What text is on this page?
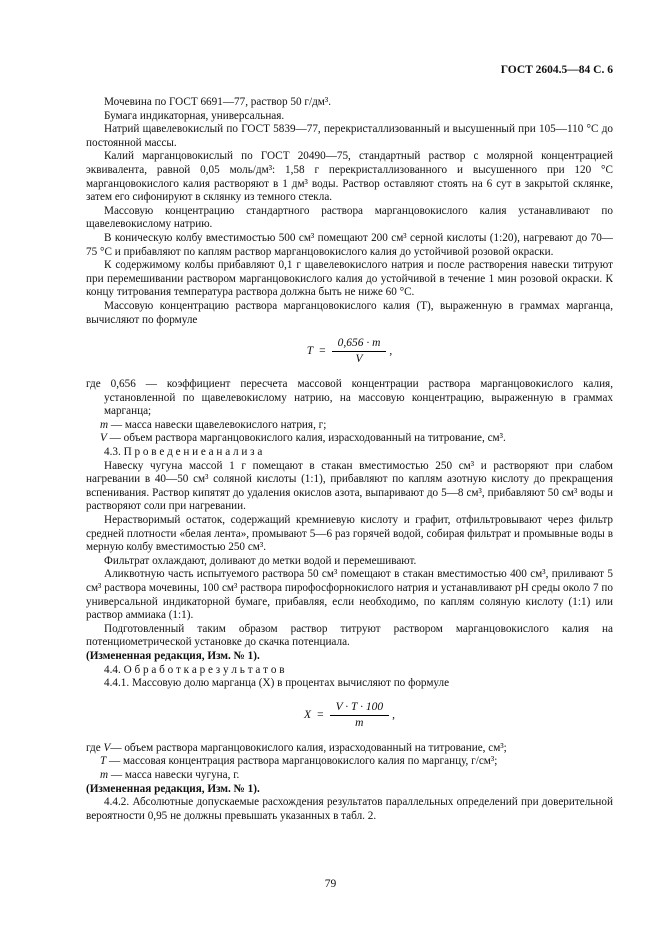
ГОСТ 2604.5—84 С. 6

Мочевина по ГОСТ 6691—77, раствор 50 г/дм³.

Бумага индикаторная, универсальная.

Натрий щавелевокислый по ГОСТ 5839—77, перекристаллизованный и высушенный при 105—110 °С до постоянной массы.

Калий марганцовокислый по ГОСТ 20490—75, стандартный раствор с молярной концентрацией эквивалента, равной 0,05 моль/дм³: 1,58 г перекристаллизованного и высушенного при 120 °С марганцовокислого калия растворяют в 1 дм³ воды. Раствор оставляют стоять на 6 сут в закрытой склянке, затем его сифонируют в склянку из темного стекла.

Массовую концентрацию стандартного раствора марганцовокислого калия устанавливают по щавелевокислому натрию.

В коническую колбу вместимостью 500 см³ помещают 200 см³ серной кислоты (1:20), нагревают до 70—75 °С и прибавляют по каплям раствор марганцовокислого калия до устойчивой розовой окраски.

К содержимому колбы прибавляют 0,1 г щавелевокислого натрия и после растворения навески титруют при перемешивании раствором марганцовокислого калия до устойчивой в течение 1 мин розовой окраски. К концу титрования температура раствора должна быть не ниже 60 °С.

Массовую концентрацию раствора марганцовокислого калия (Т), выраженную в граммах марганца, вычисляют по формуле

$T = \frac{0,656 \cdot m}{V}$ ,

где 0,656 — коэффициент пересчета массовой концентрации раствора марганцовокислого калия, установленной по щавелевокислому натрию, на массовую концентрацию, выраженную в граммах марганца;

m — масса навески щавелевокислого натрия, г;

V — объем раствора марганцовокислого калия, израсходованный на титрование, см³.

4.3. П р о в е д е н и е а н а л и з а

Навеску чугуна массой 1 г помещают в стакан вместимостью 250 см³ и растворяют при слабом нагревании в 40—50 см³ соляной кислоты (1:1), прибавляют по каплям азотную кислоту до прекращения вспенивания. Раствор кипятят до удаления окислов азота, выпаривают до 5—8 см³, прибавляют 50 см³ воды и растворяют соли при нагревании.

Нерастворимый остаток, содержащий кремниевую кислоту и графит, отфильтровывают через фильтр средней плотности «белая лента», промывают 5—6 раз горячей водой, собирая фильтрат и промывные воды в мерную колбу вместимостью 250 см³.

Фильтрат охлаждают, доливают до метки водой и перемешивают.

Аликвотную часть испытуемого раствора 50 см³ помещают в стакан вместимостью 400 см³, приливают 5 см³ раствора мочевины, 100 см³ раствора пирофосфорнокислого натрия и устанавливают pH среды около 7 по универсальной индикаторной бумаге, прибавляя, если необходимо, по каплям соляную кислоту (1:1) или раствор аммиака (1:1).

Подготовленный таким образом раствор титруют раствором марганцовокислого калия на потенциометрической установке до скачка потенциала.

(Измененная редакция, Изм. № 1).

4.4. О б р а б о т к а р е з у л ь т а т о в

4.4.1. Массовую долю марганца (X) в процентах вычисляют по формуле

$X = \frac{V \cdot T \cdot 100}{m}$ ,

где V— объем раствора марганцовокислого калия, израсходованный на титрование, см³;

Т — массовая концентрация раствора марганцовокислого калия по марганцу, г/см³;

m — масса навески чугуна, г.

(Измененная редакция, Изм. № 1).

4.4.2. Абсолютные допускаемые расхождения результатов параллельных определений при доверительной вероятности 0,95 не должны превышать указанных в табл. 2.

79
